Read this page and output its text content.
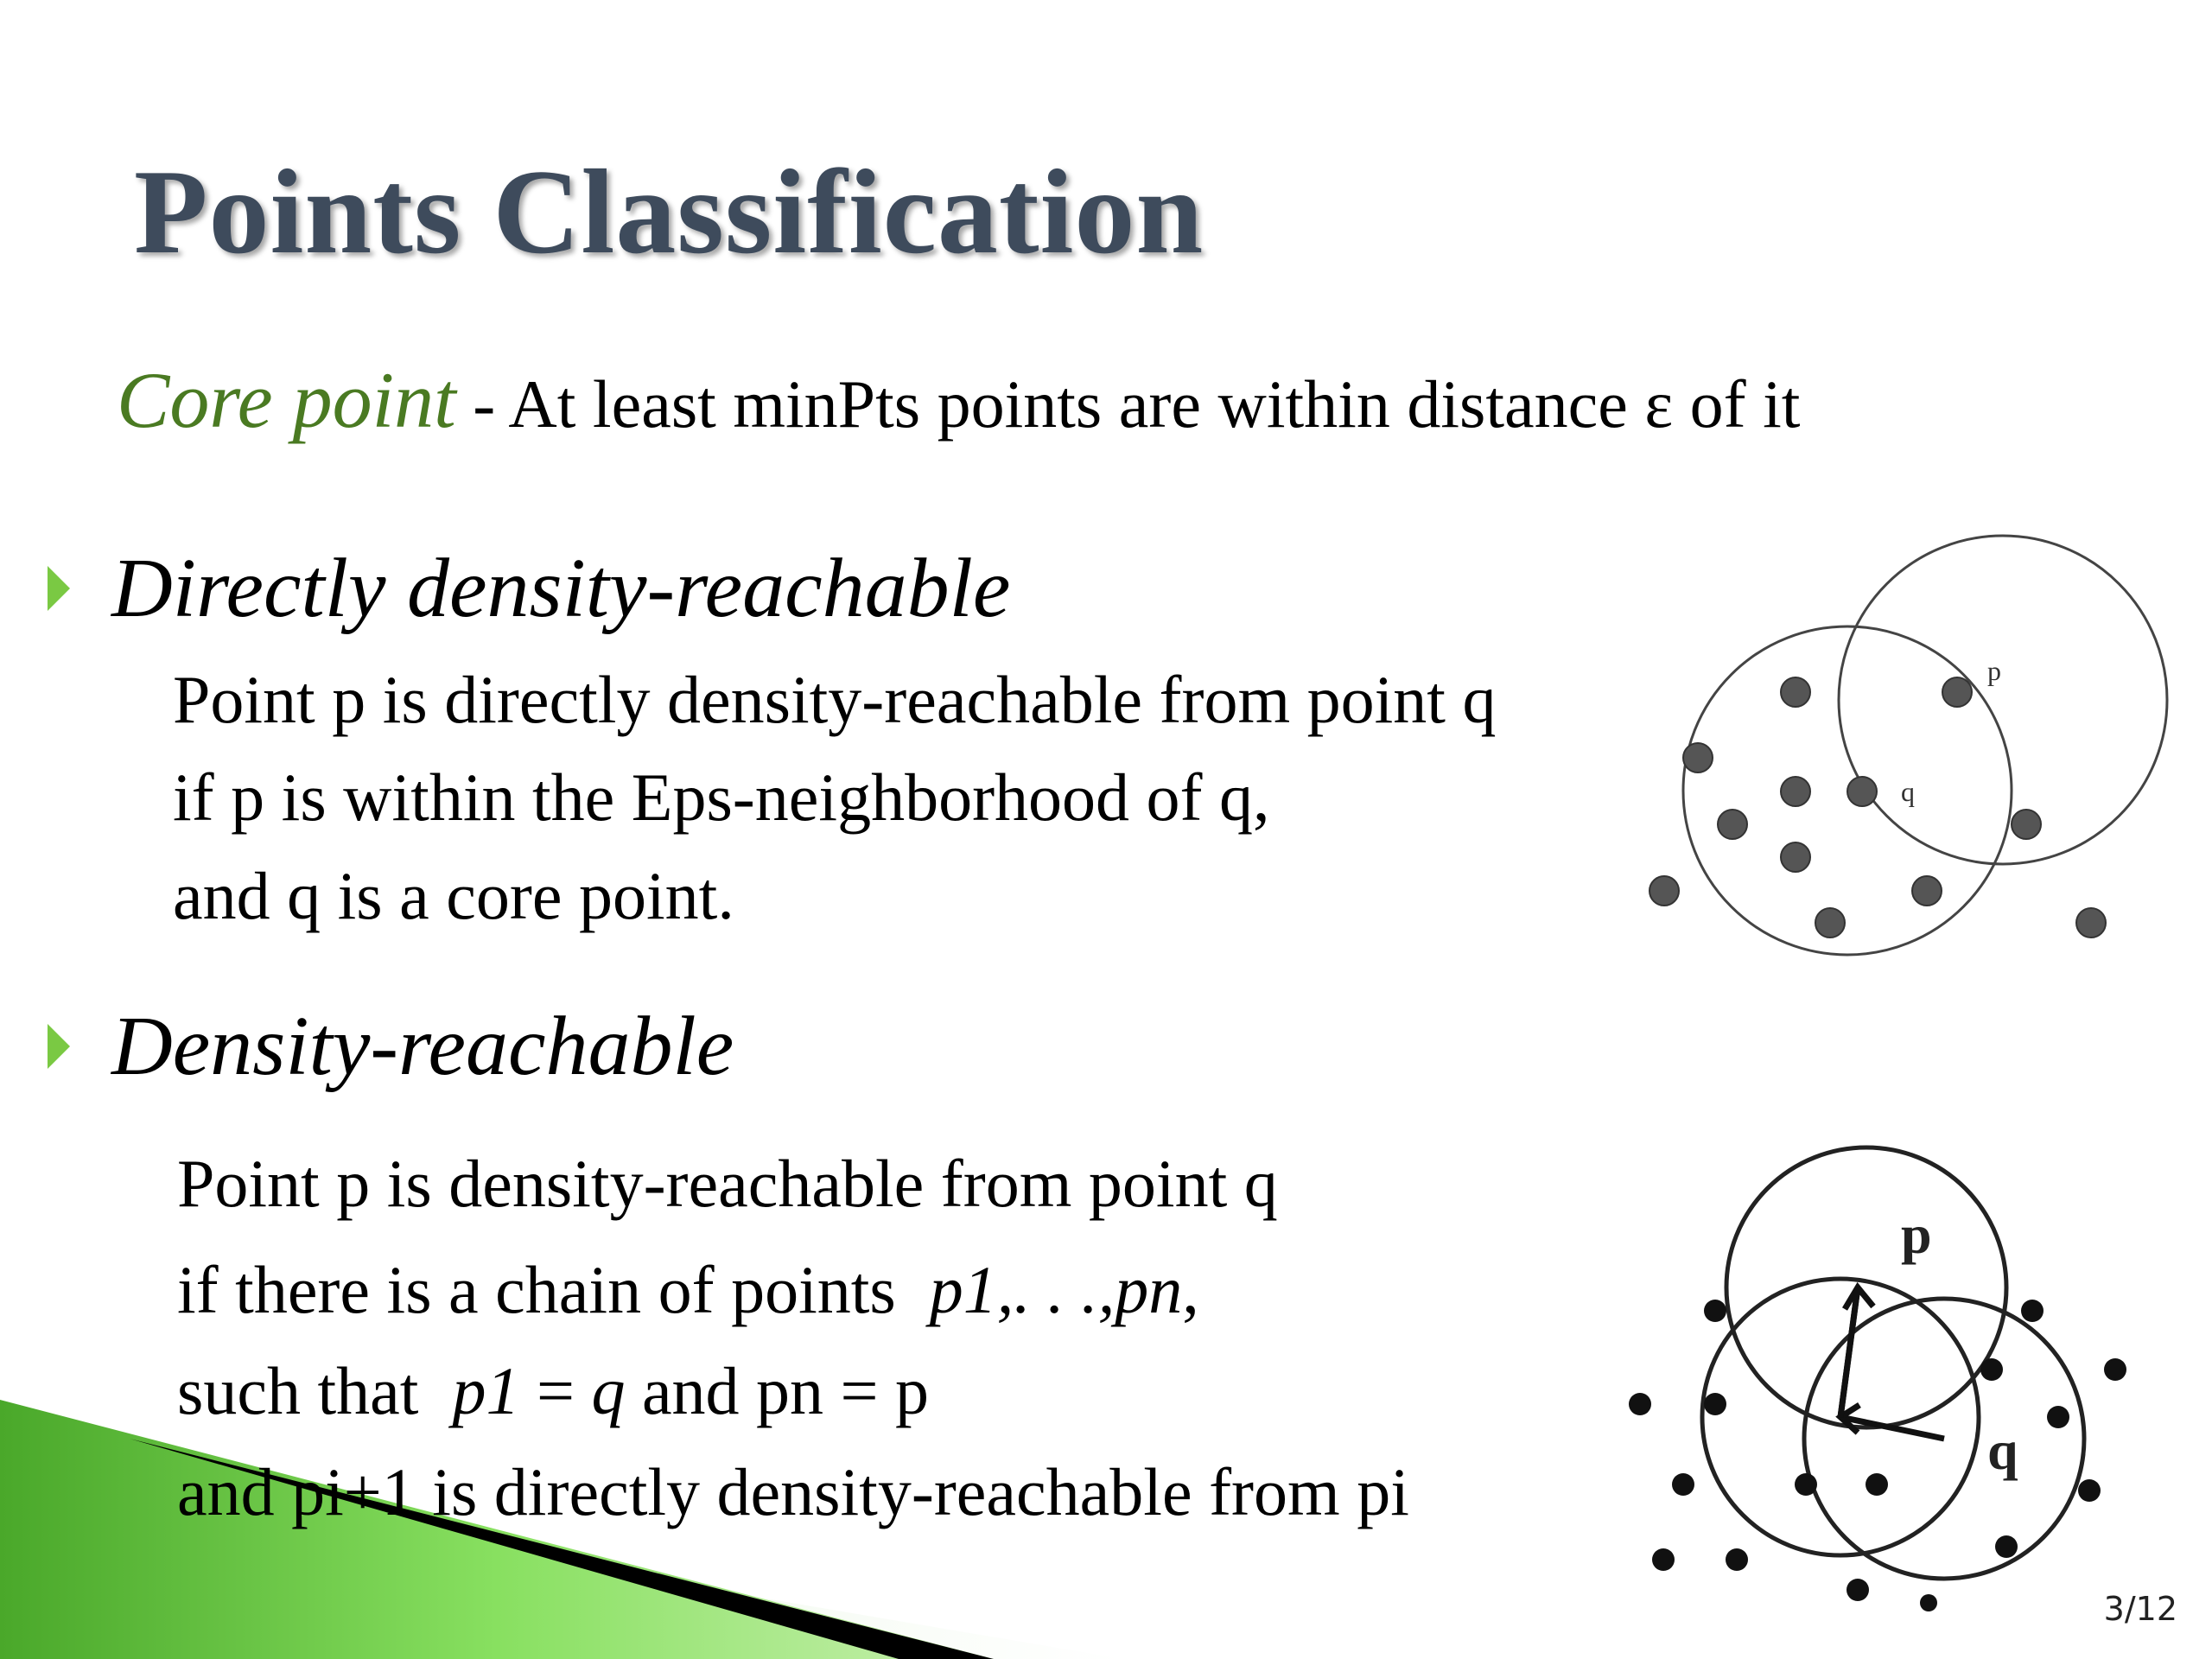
Points Classification
Core point - At least minPts points are within distance ε of it
Directly density-reachable
Point p is directly density-reachable from point q
if p is within the Eps-neighborhood of q,
and q is a core point.
Density-reachable
Point p is density-reachable from point q
if there is a chain of points p1,. . .,pn,
such that p1 = q and pn = p
and pi+1 is directly density-reachable from pi
p
q
p
q
3/12
